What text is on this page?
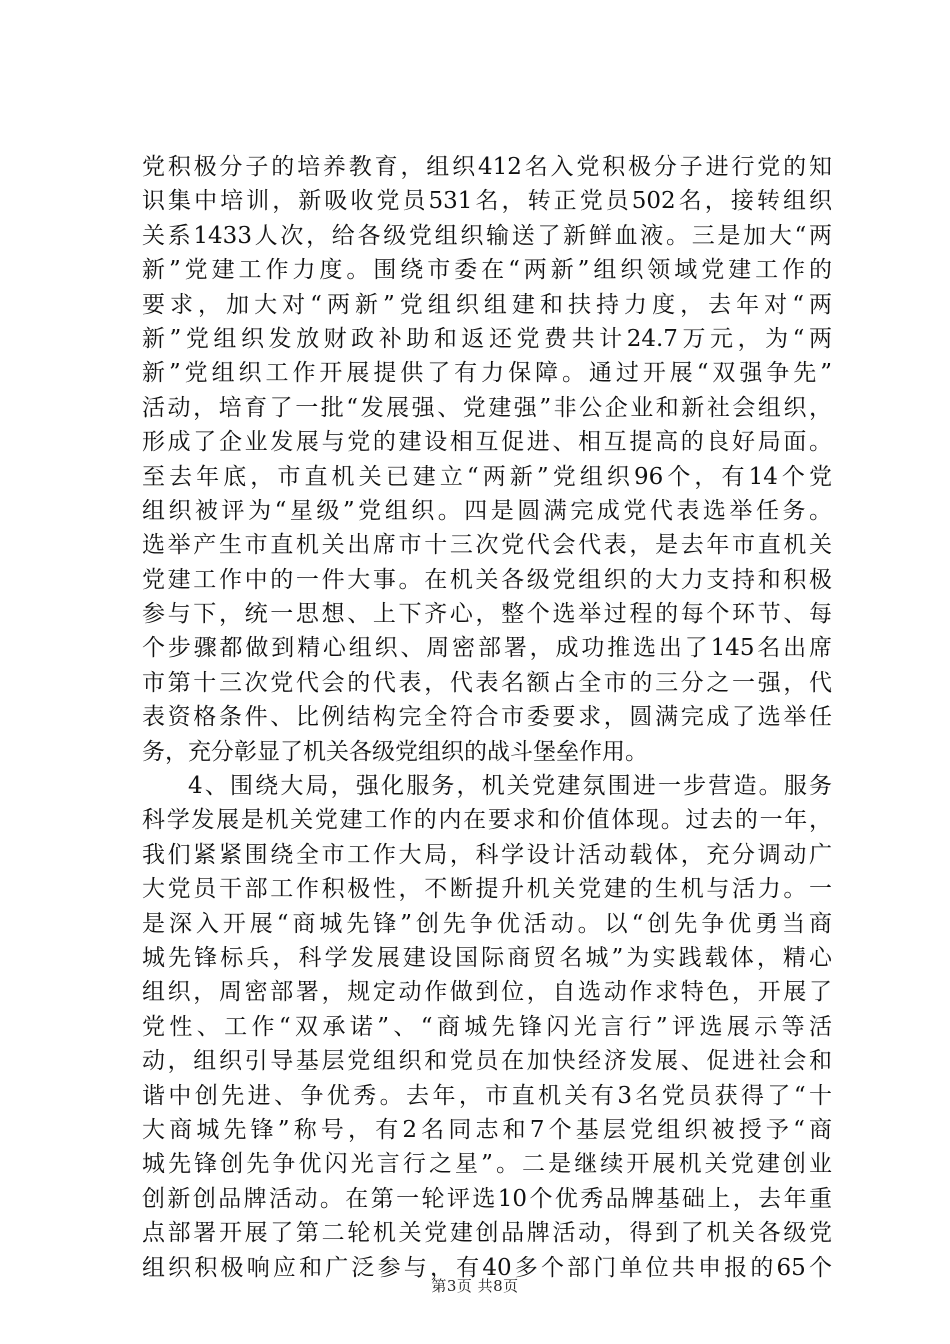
党积极分子的培养教育，组织412名入党积极分子进行党的知
识集中培训，新吸收党员531名，转正党员502名，接转组织
关系1433人次，给各级党组织输送了新鲜血液。三是加大“两
新”党建工作力度。围绕市委在“两新”组织领域党建工作的
要求，加大对“两新”党组织组建和扶持力度，去年对“两
新”党组织发放财政补助和返还党费共计24.7万元，为“两
新”党组织工作开展提供了有力保障。通过开展“双强争先”
活动，培育了一批“发展强、党建强”非公企业和新社会组织，
形成了企业发展与党的建设相互促进、相互提高的良好局面。
至去年底，市直机关已建立“两新”党组织96个，有14个党
组织被评为“星级”党组织。四是圆满完成党代表选举任务。
选举产生市直机关出席市十三次党代会代表，是去年市直机关
党建工作中的一件大事。在机关各级党组织的大力支持和积极
参与下，统一思想、上下齐心，整个选举过程的每个环节、每
个步骤都做到精心组织、周密部署，成功推选出了145名出席
市第十三次党代会的代表，代表名额占全市的三分之一强，代
表资格条件、比例结构完全符合市委要求，圆满完成了选举任
务，充分彰显了机关各级党组织的战斗堡垒作用。
4、围绕大局，强化服务，机关党建氛围进一步营造。服务
科学发展是机关党建工作的内在要求和价值体现。过去的一年，
我们紧紧围绕全市工作大局，科学设计活动载体，充分调动广
大党员干部工作积极性，不断提升机关党建的生机与活力。一
是深入开展“商城先锋”创先争优活动。以“创先争优勇当商
城先锋标兵，科学发展建设国际商贸名城”为实践载体，精心
组织，周密部署，规定动作做到位，自选动作求特色，开展了
党性、工作“双承诺”、“商城先锋闪光言行”评选展示等活
动，组织引导基层党组织和党员在加快经济发展、促进社会和
谐中创先进、争优秀。去年，市直机关有3名党员获得了“十
大商城先锋”称号，有2名同志和7个基层党组织被授予“商
城先锋创先争优闪光言行之星”。二是继续开展机关党建创业
创新创品牌活动。在第一轮评选10个优秀品牌基础上，去年重
点部署开展了第二轮机关党建创品牌活动，得到了机关各级党
组织积极响应和广泛参与，有40多个部门单位共申报的65个
第3页 共8页
